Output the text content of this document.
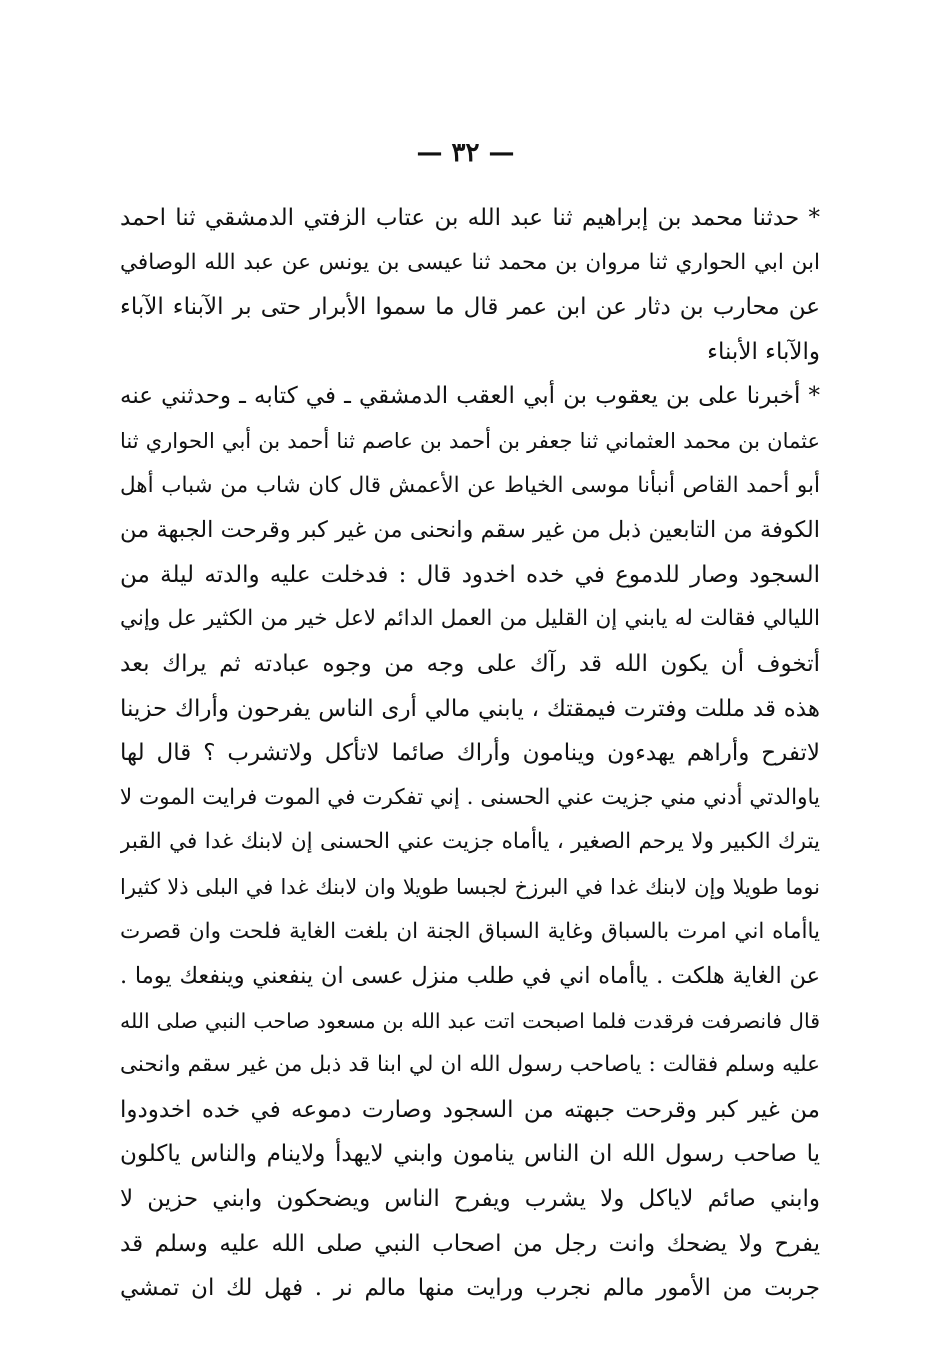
— ٣٢ —
* حدثنا محمد بن إبراهيم ثنا عبد الله بن عتاب الزفتي الدمشقي ثنا احمد
ابن ابي الحواري ثنا مروان بن محمد ثنا عيسى بن يونس عن عبد الله الوصافي
عن محارب بن دثار عن ابن عمر قال ما سموا الأبرار حتى بر الآبناء الآباء
والآباء الأبناء
* أخبرنا على بن يعقوب بن أبي العقب الدمشقي ـ في كتابه ـ وحدثني عنه
عثمان بن محمد العثماني ثنا جعفر بن أحمد بن عاصم ثنا أحمد بن أبي الحواري ثنا
أبو أحمد القاص أنبأنا موسى الخياط عن الأعمش قال كان شاب من شباب أهل
الكوفة من التابعين ذبل من غير سقم وانحنى من غير كبر وقرحت الجبهة من
السجود وصار للدموع في خده اخدود قال : فدخلت عليه والدته ليلة من
الليالي فقالت له يابني إن القليل من العمل الدائم لاعل خير من الكثير عل وإني
أتخوف أن يكون الله قد رآك على وجه من وجوه عبادته ثم يراك بعد
هذه قد مللت وفترت فيمقتك ، يابني مالي أرى الناس يفرحون وأراك حزينا
لاتفرح وأراهم يهدءون وينامون وأراك صائما لاتأكل ولاتشرب ؟ قال لها
ياوالدتي أدني مني جزيت عني الحسنى . إني تفكرت في الموت فرايت الموت لا
يترك الكبير ولا يرحم الصغير ، ياأماه جزيت عني الحسنى إن لابنك غدا في القبر
نوما طويلا وإن لابنك غدا في البرزخ لجبسا طويلا وان لابنك غدا في البلى ذلا كثيرا
ياأماه اني امرت بالسباق وغاية السباق الجنة ان بلغت الغاية فلحت وان قصرت
عن الغاية هلكت . ياأماه اني في طلب منزل عسى ان ينفعني وينفعك يوما .
قال فانصرفت فرقدت فلما اصبحت اتت عبد الله بن مسعود صاحب النبي صلى الله
عليه وسلم فقالت : ياصاحب رسول الله ان لي ابنا قد ذبل من غير سقم وانحنى
من غير كبر وقرحت جبهته من السجود وصارت دموعه في خده اخدودوا
يا صاحب رسول الله ان الناس ينامون وابني لايهدأ ولاينام والناس ياكلون
وابني صائم لاياكل ولا يشرب ويفرح الناس ويضحكون وابني حزين لا
يفرح ولا يضحك وانت رجل من اصحاب النبي صلى الله عليه وسلم قد
جربت من الأمور مالم نجرب ورايت منها مالم نر . فهل لك ان تمشي
